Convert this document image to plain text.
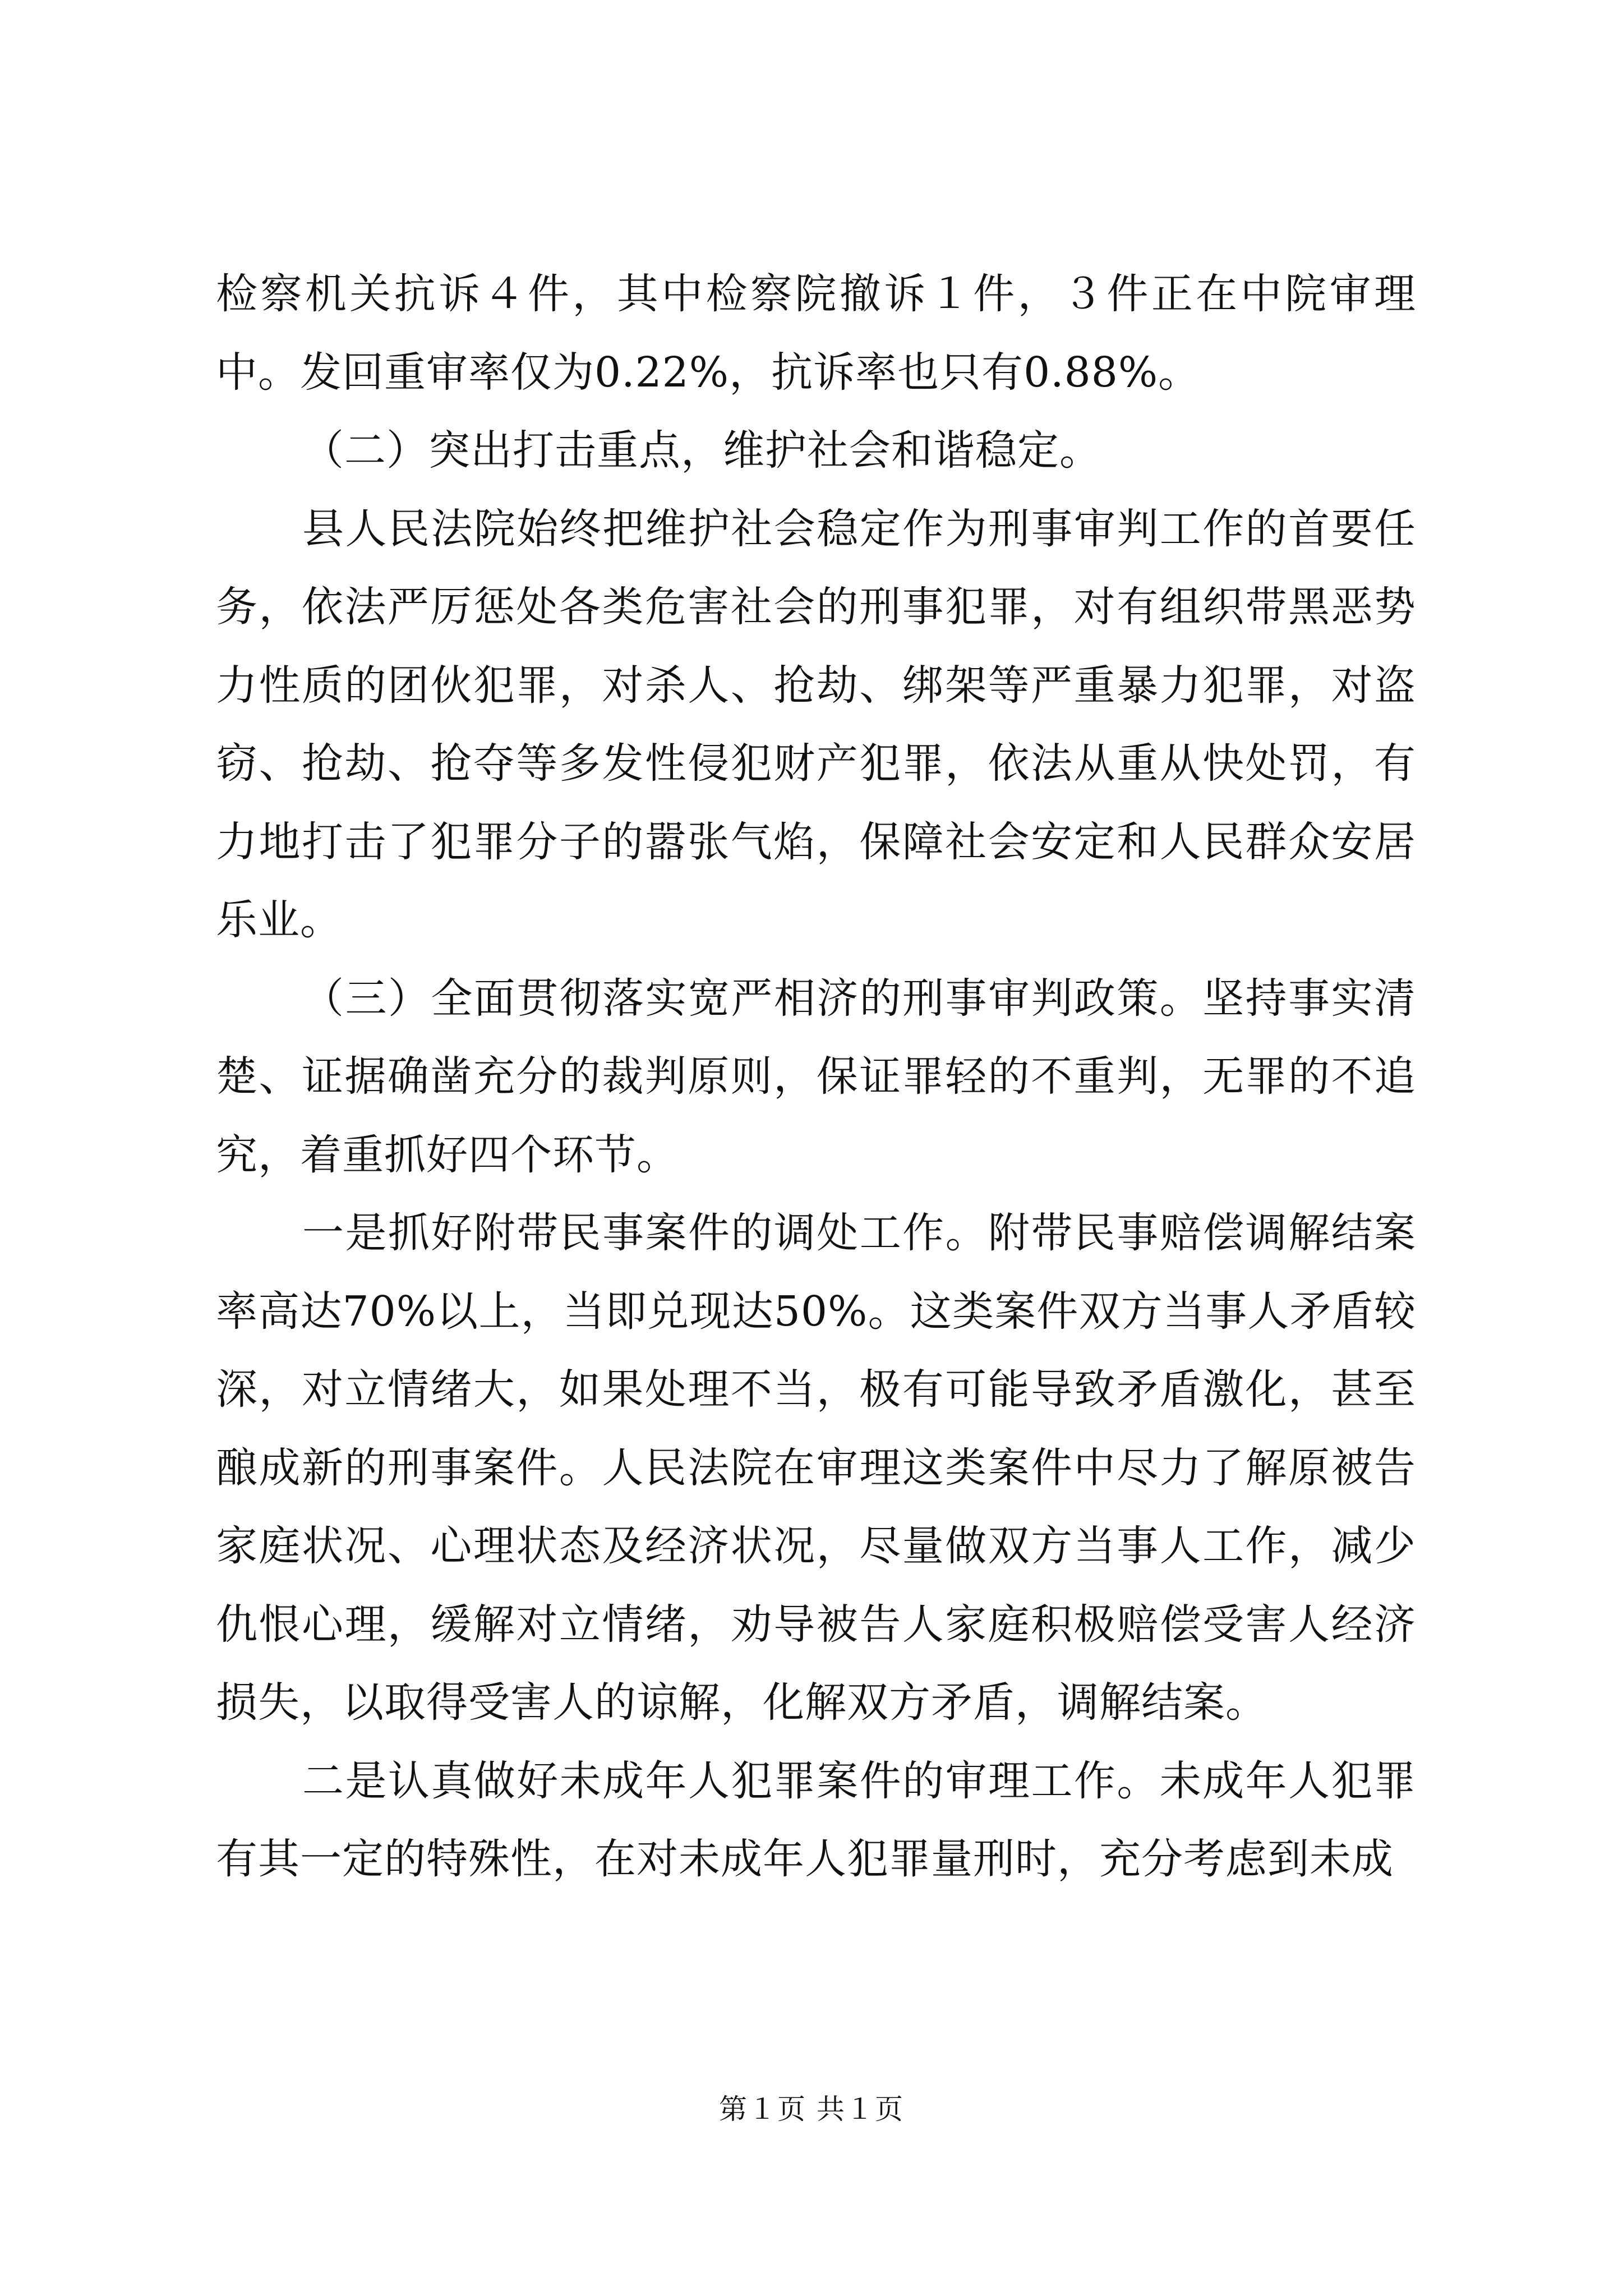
检察机关抗诉４件，其中检察院撤诉１件，３件正在中院审理中。发回重审率仅为0.22%，抗诉率也只有0.88%。

（二）突出打击重点，维护社会和谐稳定。

县人民法院始终把维护社会稳定作为刑事审判工作的首要任务，依法严厉惩处各类危害社会的刑事犯罪，对有组织带黑恶势力性质的团伙犯罪，对杀人、抢劫、绑架等严重暴力犯罪，对盗窃、抢劫、抢夺等多发性侵犯财产犯罪，依法从重从快处罚，有力地打击了犯罪分子的嚣张气焰，保障社会安定和人民群众安居乐业。

（三）全面贯彻落实宽严相济的刑事审判政策。坚持事实清楚、证据确凿充分的裁判原则，保证罪轻的不重判，无罪的不追究，着重抓好四个环节。

一是抓好附带民事案件的调处工作。附带民事赔偿调解结案率高达70%以上，当即兑现达50%。这类案件双方当事人矛盾较深，对立情绪大，如果处理不当，极有可能导致矛盾激化，甚至酿成新的刑事案件。人民法院在审理这类案件中尽力了解原被告家庭状况、心理状态及经济状况，尽量做双方当事人工作，减少仇恨心理，缓解对立情绪，劝导被告人家庭积极赔偿受害人经济损失，以取得受害人的谅解，化解双方矛盾，调解结案。

二是认真做好未成年人犯罪案件的审理工作。未成年人犯罪有其一定的特殊性，在对未成年人犯罪量刑时，充分考虑到未成

第１页 共１页
